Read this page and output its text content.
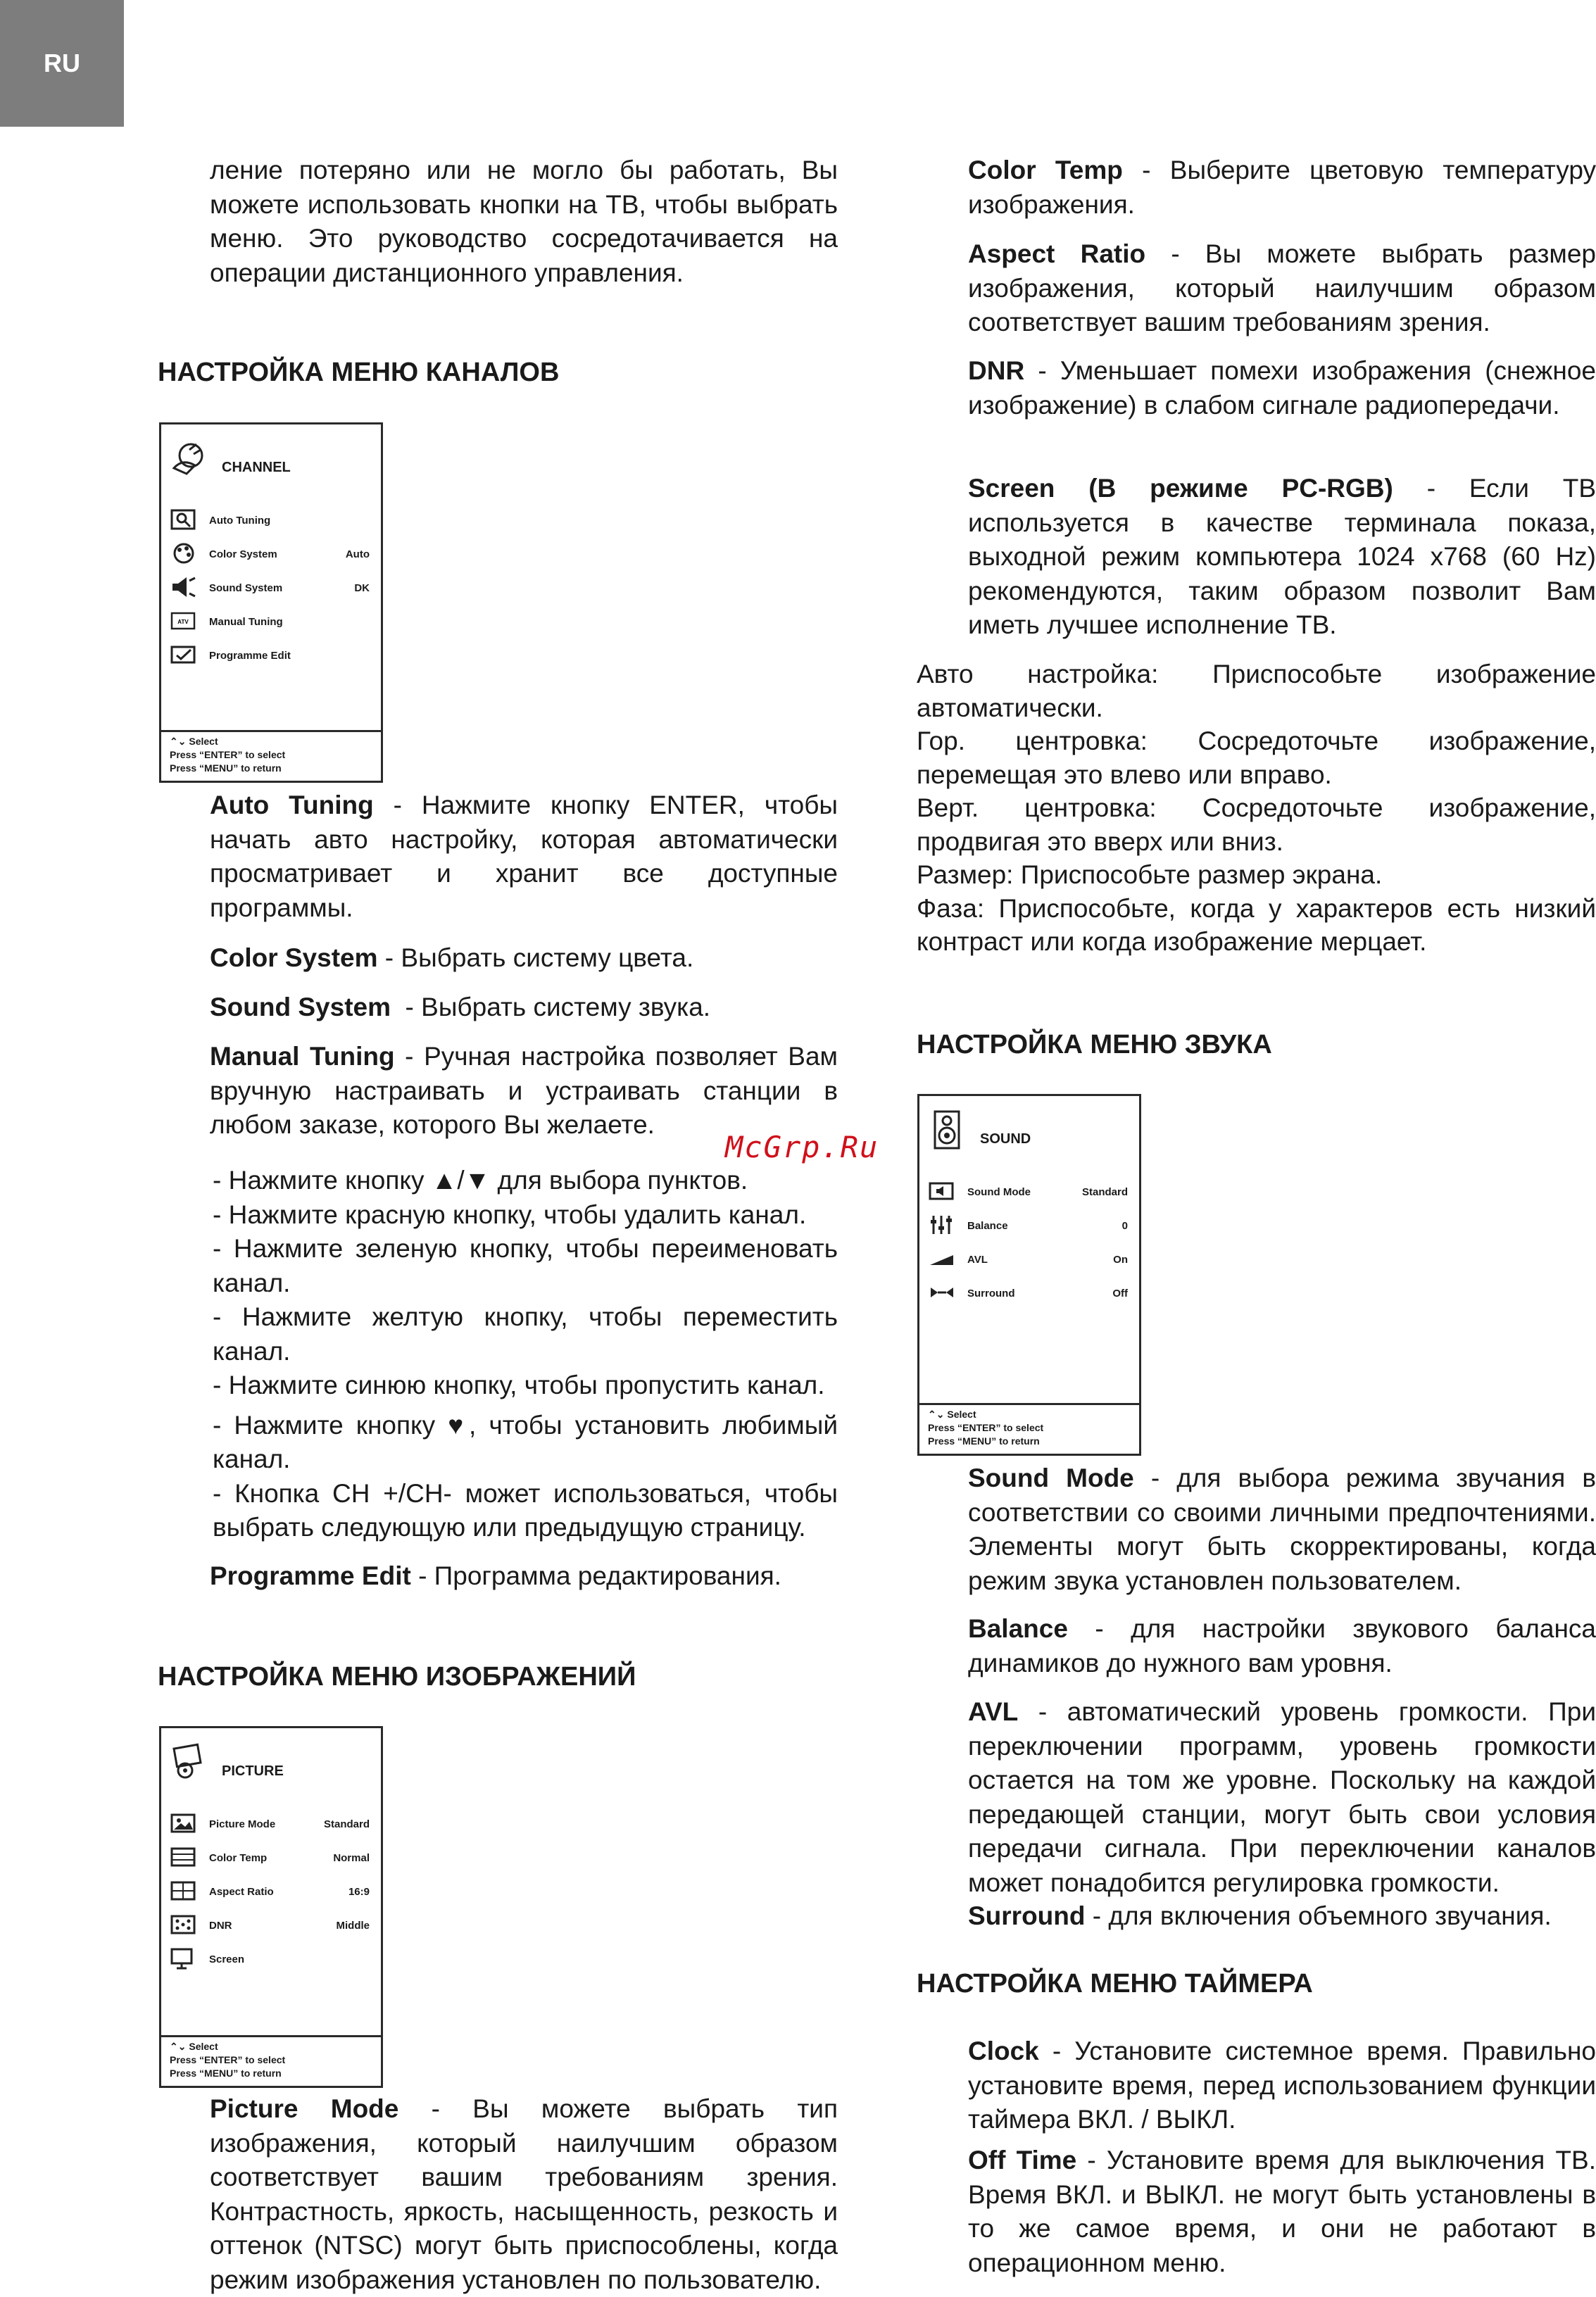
RU
ление потеряно или не могло бы работать, Вы можете использовать кнопки на ТВ, чтобы выбрать меню. Это руководство сосредотачивается на операции дистанционного управления.
НАСТРОЙКА МЕНЮ КАНАЛОВ
CHANNEL
Auto Tuning
Color System	Auto
Sound System	DK
ATV Manual Tuning
Programme Edit
⌃⌄ Select
Press “ENTER” to select
Press “MENU” to return
Auto Tuning - Нажмите кнопку ENTER, чтобы начать авто настройку, которая автоматически просматривает и хранит все доступные программы.
Color System - Выбрать систему цвета.
Sound System  - Выбрать систему звука.
Manual Tuning - Ручная настройка позволяет Вам вручную настраивать и устраивать станции в любом заказе, которого Вы желаете.
McGrp.Ru

- Нажмите кнопку ▲/▼ для выбора пунктов.

- Нажмите красную кнопку, чтобы удалить канал.

- Нажмите зеленую кнопку, чтобы переименовать канал.

- Нажмите желтую кнопку, чтобы переместить канал.

- Нажмите синюю кнопку, чтобы пропустить канал.

- Нажмите кнопку ♥, чтобы установить любимый канал.

- Кнопка CH +/CH- может использоваться, чтобы выбрать следующую или предыдущую страницу.

Programme Edit - Программа редактирования.
НАСТРОЙКА МЕНЮ ИЗОБРАЖЕНИЙ
PICTURE
Picture Mode	Standard
Color Temp	Normal
Aspect Ratio	16:9
DNR	Middle
Screen
⌃⌄ Select
Press “ENTER” to select
Press “MENU” to return
Picture Mode - Вы можете выбрать тип изображения, который наилучшим образом соответствует вашим требованиям зрения. Контрастность, яркость, насыщенность, резкость и оттенок (NTSC) могут быть приспособлены, когда режим изображения установлен по пользователю.
Color Temp - Выберите цветовую температуру изображения.
Aspect Ratio - Вы можете выбрать размер изображения, который наилучшим образом соответствует вашим требованиям зрения.
DNR - Уменьшает помехи изображения (снежное изображение) в слабом сигнале радиопередачи.
Screen (В режиме PC-RGB) - Если ТВ используется в качестве терминала показа, выходной режим компьютера 1024 x768 (60 Hz) рекомендуются, таким образом позволит Вам иметь лучшее исполнение ТВ.

Авто настройка: Приспособьте изображение автоматически.

Гор. центровка: Сосредоточьте изображение, перемещая это влево или вправо.

Верт. центровка: Сосредоточьте изображение, продвигая это вверх или вниз.

Размер: Приспособьте размер экрана.

Фаза: Приспособьте, когда у характеров есть низкий контраст или когда изображение мерцает.

НАСТРОЙКА МЕНЮ ЗВУКА
SOUND
Sound Mode	Standard
Balance	0
AVL	On
Surround	Off
⌃⌄ Select
Press “ENTER” to select
Press “MENU” to return
Sound Mode - для выбора режима звучания в соответствии со своими личными предпочтениями. Элементы могут быть скорректированы, когда режим звука установлен пользователем.
Balance - для настройки звукового баланса динамиков до нужного вам уровня.
AVL - автоматический уровень громкости. При переключении программ, уровень громкости остается на том же уровне. Поскольку на каждой передающей станции, могут быть свои условия передачи сигнала. При переключении каналов может понадобится регулировка громкости.
Surround - для включения объемного звучания.
НАСТРОЙКА МЕНЮ ТАЙМЕРА
Clock - Установите системное время. Правильно установите время, перед использованием функции таймера ВКЛ. / ВЫКЛ.
Off Time - Установите время для выключения ТВ. Время ВКЛ. и ВЫКЛ. не могут быть установлены в то же самое время, и они не работают в операционном меню.
